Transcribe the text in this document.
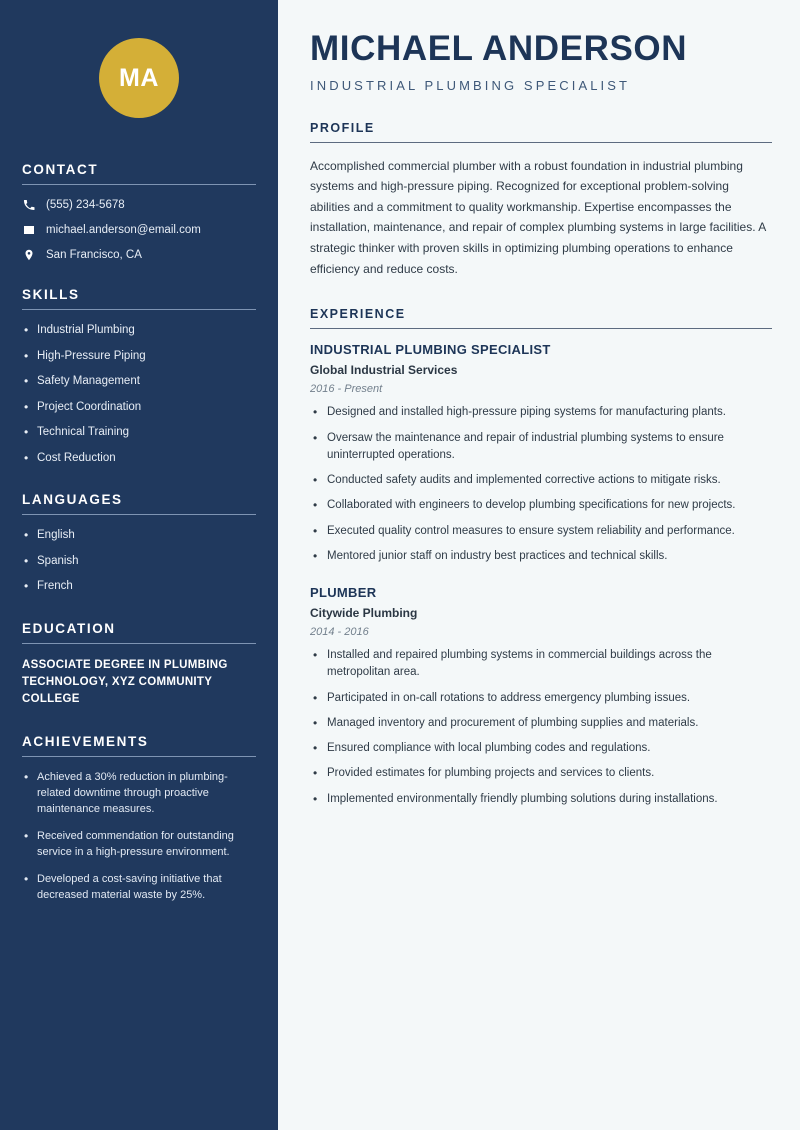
MA
CONTACT
(555) 234-5678
michael.anderson@email.com
San Francisco, CA
SKILLS
• Industrial Plumbing
• High-Pressure Piping
• Safety Management
• Project Coordination
• Technical Training
• Cost Reduction
LANGUAGES
• English
• Spanish
• French
EDUCATION
ASSOCIATE DEGREE IN PLUMBING TECHNOLOGY, XYZ COMMUNITY COLLEGE
ACHIEVEMENTS
• Achieved a 30% reduction in plumbing-related downtime through proactive maintenance measures.
• Received commendation for outstanding service in a high-pressure environment.
• Developed a cost-saving initiative that decreased material waste by 25%.
MICHAEL ANDERSON
INDUSTRIAL PLUMBING SPECIALIST
PROFILE

Accomplished commercial plumber with a robust foundation in industrial plumbing systems and high-pressure piping. Recognized for exceptional problem-solving abilities and a commitment to quality workmanship. Expertise encompasses the installation, maintenance, and repair of complex plumbing systems in large facilities. A strategic thinker with proven skills in optimizing plumbing operations to enhance efficiency and reduce costs.

EXPERIENCE
INDUSTRIAL PLUMBING SPECIALIST
Global Industrial Services
2016 - Present
• Designed and installed high-pressure piping systems for manufacturing plants.
• Oversaw the maintenance and repair of industrial plumbing systems to ensure uninterrupted operations.
• Conducted safety audits and implemented corrective actions to mitigate risks.
• Collaborated with engineers to develop plumbing specifications for new projects.
• Executed quality control measures to ensure system reliability and performance.
• Mentored junior staff on industry best practices and technical skills.
PLUMBER
Citywide Plumbing
2014 - 2016
• Installed and repaired plumbing systems in commercial buildings across the metropolitan area.
• Participated in on-call rotations to address emergency plumbing issues.
• Managed inventory and procurement of plumbing supplies and materials.
• Ensured compliance with local plumbing codes and regulations.
• Provided estimates for plumbing projects and services to clients.
• Implemented environmentally friendly plumbing solutions during installations.
